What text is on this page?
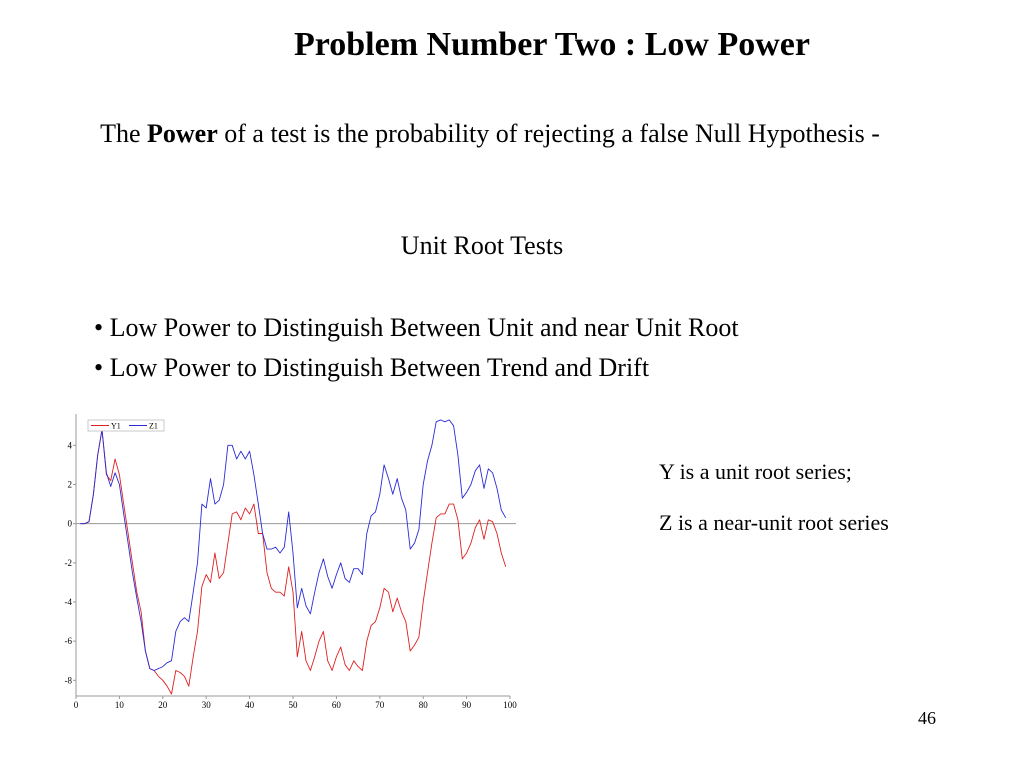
Problem Number Two : Low Power
The Power of a test is the probability of rejecting a false Null Hypothesis -
Unit Root Tests
• Low Power to Distinguish Between Unit and near Unit Root
• Low Power to Distinguish Between Trend and Drift
4
2
0
-2
-4
-6
-8
0	10	20	30	40	50	60	70	80	90	100
Y1	Z1
Y is a unit root series;
Z is a near-unit root series
46
